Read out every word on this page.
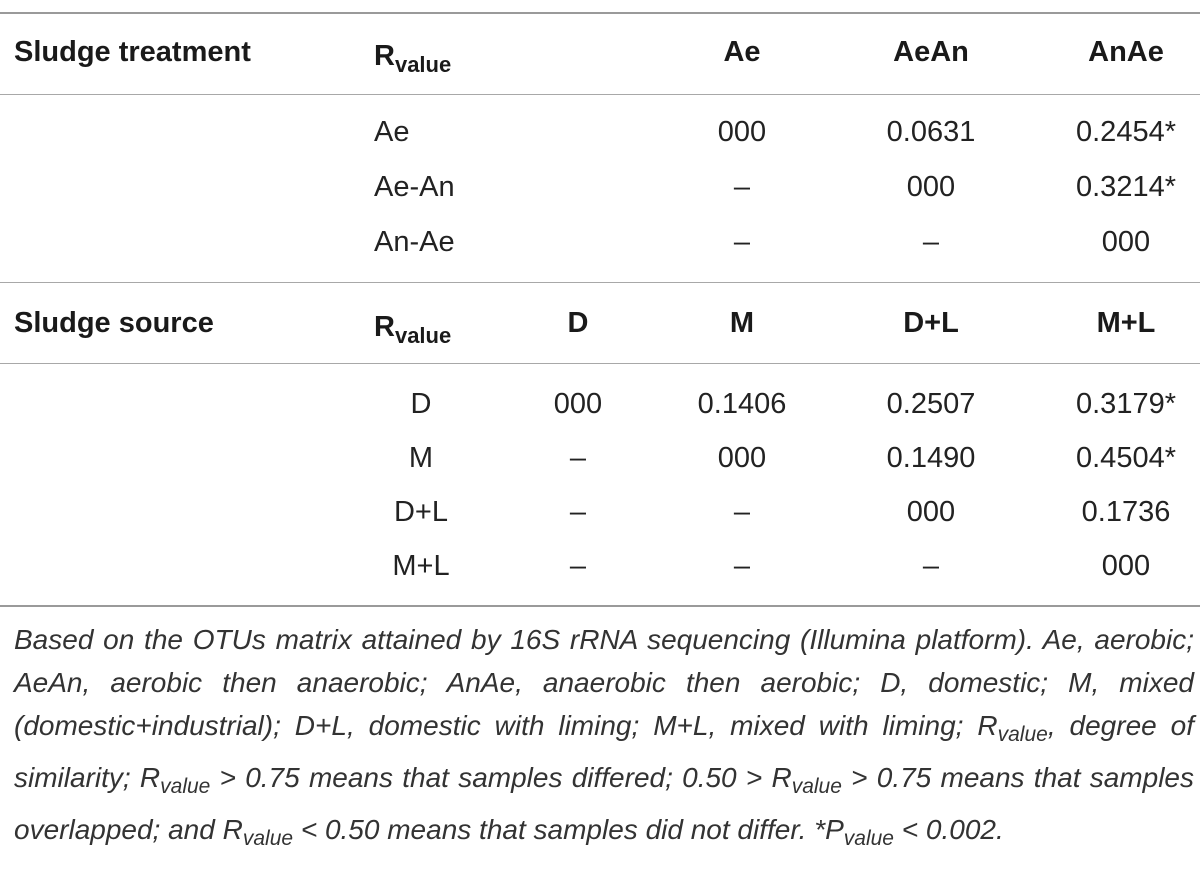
Sludge treatment	$R_{value}$	Ae	AeAn	AnAe
Ae	000	0.0631	0.2454*
Ae-An	–	000	0.3214*
An-Ae	–	–	000
Sludge source	$R_{value}$	D	M	D+L	M+L
D	000	0.1406	0.2507	0.3179*
M	–	000	0.1490	0.4504*
D+L	–	–	000	0.1736
M+L	–	–	–	000
Based on the OTUs matrix attained by 16S rRNA sequencing (Illumina platform). Ae, aerobic; AeAn, aerobic then anaerobic; AnAe, anaerobic then aerobic; D, domestic; M, mixed (domestic+industrial); D+L, domestic with liming; M+L, mixed with liming; $R_{value}$, degree of similarity; $R_{value} > 0.75$ means that samples differed; $0.50 > R_{value} > 0.75$ means that samples overlapped; and $R_{value} < 0.50$ means that samples did not differ. $*P_{value} < 0.002$.
